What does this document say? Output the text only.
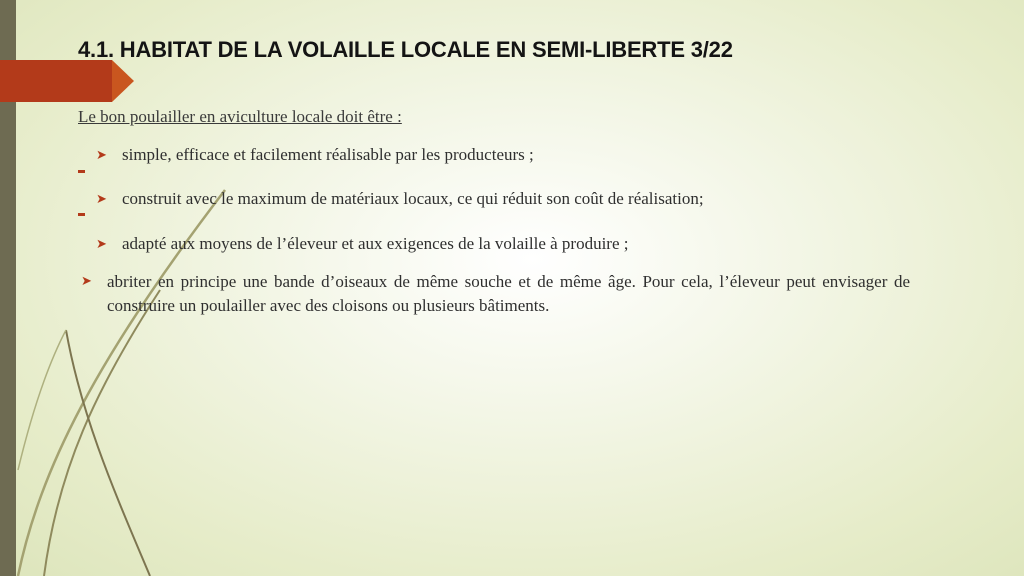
4.1. HABITAT DE LA VOLAILLE LOCALE EN SEMI-LIBERTE 3/22

Le bon poulailler en aviculture locale doit être :

➤ simple, efficace et facilement réalisable par les producteurs ;
➤ construit avec le maximum de matériaux locaux, ce qui réduit son coût de réalisation;
➤ adapté aux moyens de l’éleveur et aux exigences de la volaille à produire ;
➤ abriter en principe une bande d’oiseaux de même souche et de même âge. Pour cela, l’éleveur peut envisager de construire un poulailler avec des cloisons ou plusieurs bâtiments.
